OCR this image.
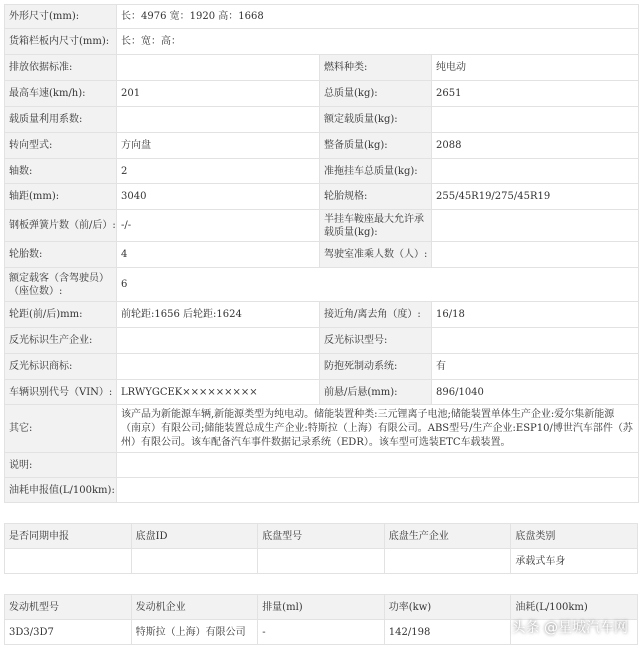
外形尺寸(mm):	长：4976 宽：1920 高：1668		
货箱栏板内尺寸(mm):	长：宽：高：		
排放依据标准:		燃料种类:	纯电动
最高车速(km/h):	201	总质量(kg):	2651
载质量利用系数:		额定载质量(kg):	
转向型式:	方向盘	整备质量(kg):	2088
轴数:	2	准拖挂车总质量(kg):	
轴距(mm):	3040	轮胎规格:	255/45R19/275/45R19
钢板弹簧片数（前/后）:	-/-	半挂车鞍座最大允许承载质量(kg):	
轮胎数:	4	驾驶室准乘人数（人）:	
额定载客（含驾驶员）（座位数）:	6		
轮距(前/后)mm:	前轮距:1656 后轮距:1624	接近角/离去角（度）:	16/18
反光标识生产企业:		反光标识型号:	
反光标识商标:		防抱死制动系统:	有
车辆识别代号（VIN）:	LRWYGCEK×××××××××	前悬/后悬(mm):	896/1040
其它:	该产品为新能源车辆,新能源类型为纯电动。储能装置种类:三元锂离子电池;储能装置单体生产企业:爱尔集新能源（南京）有限公司;储能装置总成生产企业:特斯拉（上海）有限公司。ABS型号/生产企业:ESP10/博世汽车部件（苏州）有限公司。该车配备汽车事件数据记录系统（EDR）。该车型可选装ETC车载装置。		
说明:			
油耗申报值(L/100km):			
是否同期申报	底盘ID	底盘型号	底盘生产企业	底盘类别
				承载式车身
发动机型号	发动机企业	排量(ml)	功率(kw)	油耗(L/100km)
3D3/3D7	特斯拉（上海）有限公司	-	142/198		头条 @星城汽车网
